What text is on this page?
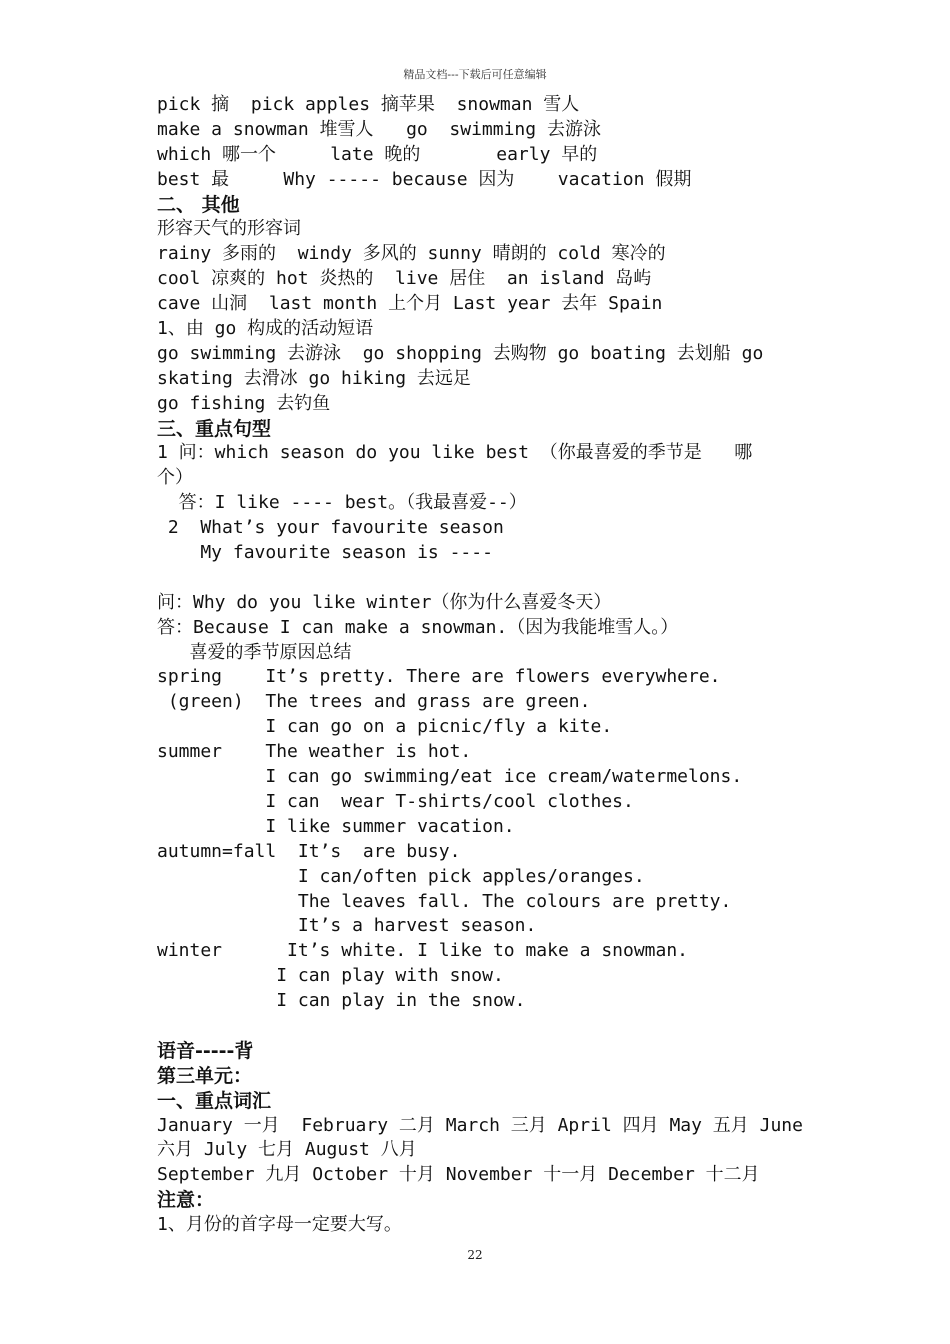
精品文档---下载后可任意编辑
pick 摘  pick apples 摘苹果  snowman 雪人
make a snowman 堆雪人   go  swimming 去游泳
which 哪一个     late 晚的       early 早的
best 最     Why ----- because 因为    vacation 假期
二、 其他
形容天气的形容词
rainy 多雨的  windy 多风的 sunny 晴朗的 cold 寒冷的
cool 凉爽的 hot 炎热的  live 居住  an island 岛屿
cave 山洞  last month 上个月 Last year 去年 Spain
1、由 go 构成的活动短语
go swimming 去游泳  go shopping 去购物 go boating 去划船 go
skating 去滑冰 go hiking 去远足
go fishing 去钓鱼
三、重点句型
1 问：which season do you like best （你最喜爱的季节是   哪
个）
答：I like ---- best。（我最喜爱--）
2  What’s your favourite season
My favourite season is ----
问：Why do you like winter（你为什么喜爱冬天）
答：Because I can make a snowman.（因为我能堆雪人。）
喜爱的季节原因总结
spring    It’s pretty. There are flowers everywhere.
(green)  The trees and grass are green.
I can go on a picnic/fly a kite.
summer    The weather is hot.
I can go swimming/eat ice cream/watermelons.
I can  wear T-shirts/cool clothes.
I like summer vacation.
autumn=fall  It’s  are busy.
I can/often pick apples/oranges.
The leaves fall. The colours are pretty.
It’s a harvest season.
winter      It’s white. I like to make a snowman.
I can play with snow.
I can play in the snow.
语音-----背
第三单元：
一、重点词汇
January 一月  February 二月 March 三月 April 四月 May 五月 June
六月 July 七月 August 八月
September 九月 October 十月 November 十一月 December 十二月
注意：
1、月份的首字母一定要大写。
22
